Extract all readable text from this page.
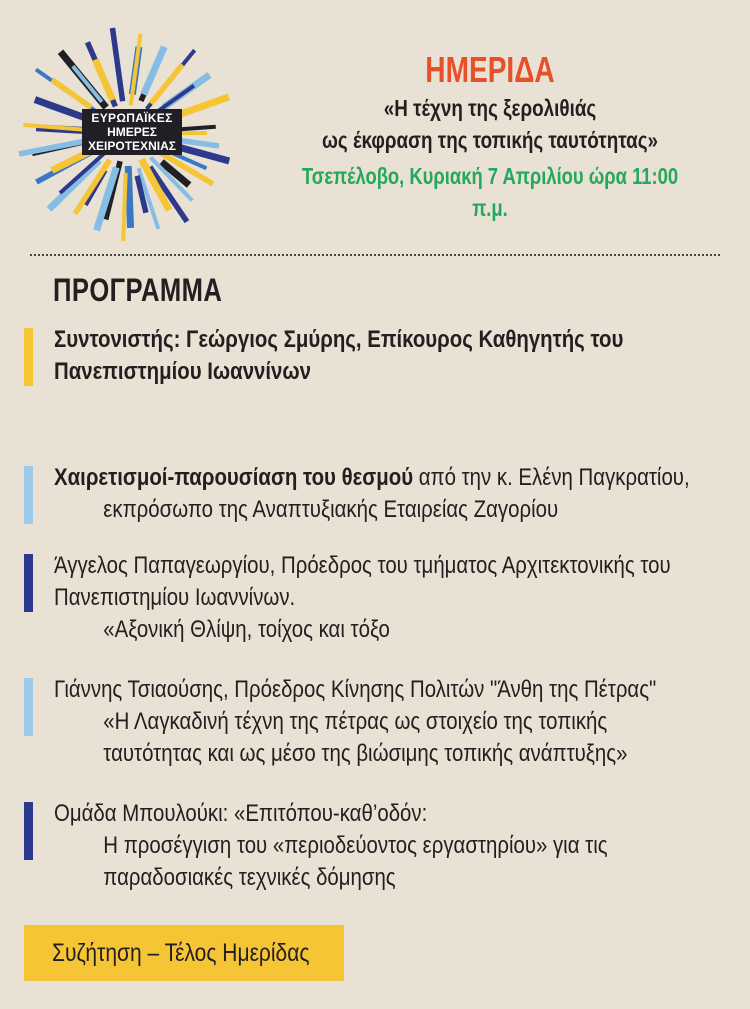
ΕΥΡΩΠΑΪΚΕΣ
ΗΜΕΡΕΣ
ΧΕΙΡΟΤΕΧΝΙΑΣ
ΗΜΕΡΙΔΑ
«Η τέχνη της ξερολιθιάς
ως έκφραση της τοπικής ταυτότητας»
Τσεπέλοβο, Κυριακή 7 Απριλίου ώρα 11:00 π.μ.
ΠΡΟΓΡΑΜΜΑ
Συντονιστής: Γεώργιος Σμύρης, Επίκουρος Καθηγητής του
Πανεπιστημίου Ιωαννίνων
Χαιρετισμοί-παρουσίαση του θεσμού από την κ. Ελένη Παγκρατίου,
εκπρόσωπο της Αναπτυξιακής Εταιρείας Ζαγορίου
Άγγελος Παπαγεωργίου, Πρόεδρος του τμήματος Αρχιτεκτονικής του
Πανεπιστημίου Ιωαννίνων.
«Αξονική Θλίψη, τοίχος και τόξο
Γιάννης Τσιαούσης, Πρόεδρος Κίνησης Πολιτών "Άνθη της Πέτρας"
«Η Λαγκαδινή τέχνη της πέτρας ως στοιχείο της τοπικής
ταυτότητας και ως μέσο της βιώσιμης τοπικής ανάπτυξης»
Ομάδα Μπουλούκι: «Επιτόπου-καθ’οδόν:
Η προσέγγιση του «περιοδεύοντος εργαστηρίου» για τις
παραδοσιακές τεχνικές δόμησης
Συζήτηση – Τέλος Ημερίδας
